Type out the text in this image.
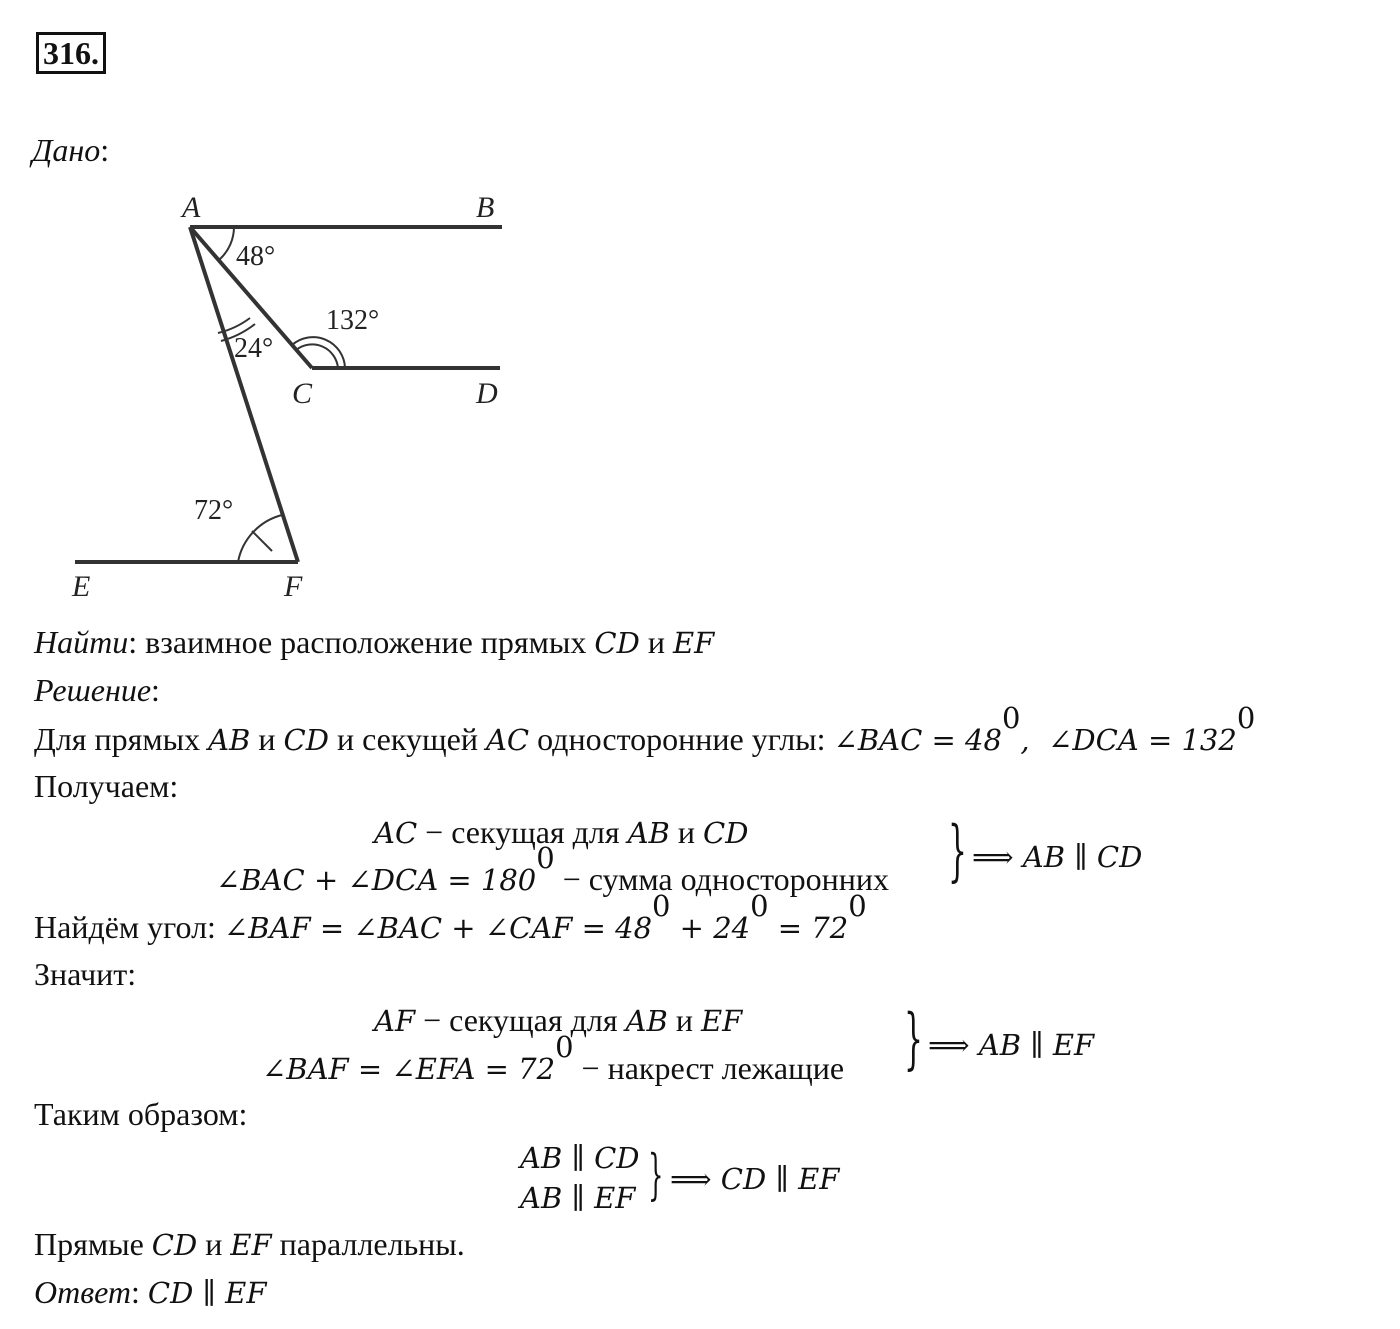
316.
Дано:
A	B
C	D
E	F
48°
24°
132°
72°
Найти: взаимное расположение прямых CD и EF
Решение:
Для прямых AB и CD и секущей AC односторонние углы: ∠BAC = $48^0$,  ∠DCA = $132^0$
Получаем:
AC − секущая для AB и CD
∠BAC + ∠DCA = $180^0$ − сумма односторонних } ⟹ AB ∥ CD
Найдём угол: ∠BAF = ∠BAC + ∠CAF = $48^0 + 24^0 = 72^0$
Значит:
AF − секущая для AB и EF
∠BAF = ∠EFA = $72^0$ − накрест лежащие } ⟹ AB ∥ EF
Таким образом:
AB ∥ CD
AB ∥ EF } ⟹ CD ∥ EF
Прямые CD и EF параллельны.
Ответ: CD ∥ EF
